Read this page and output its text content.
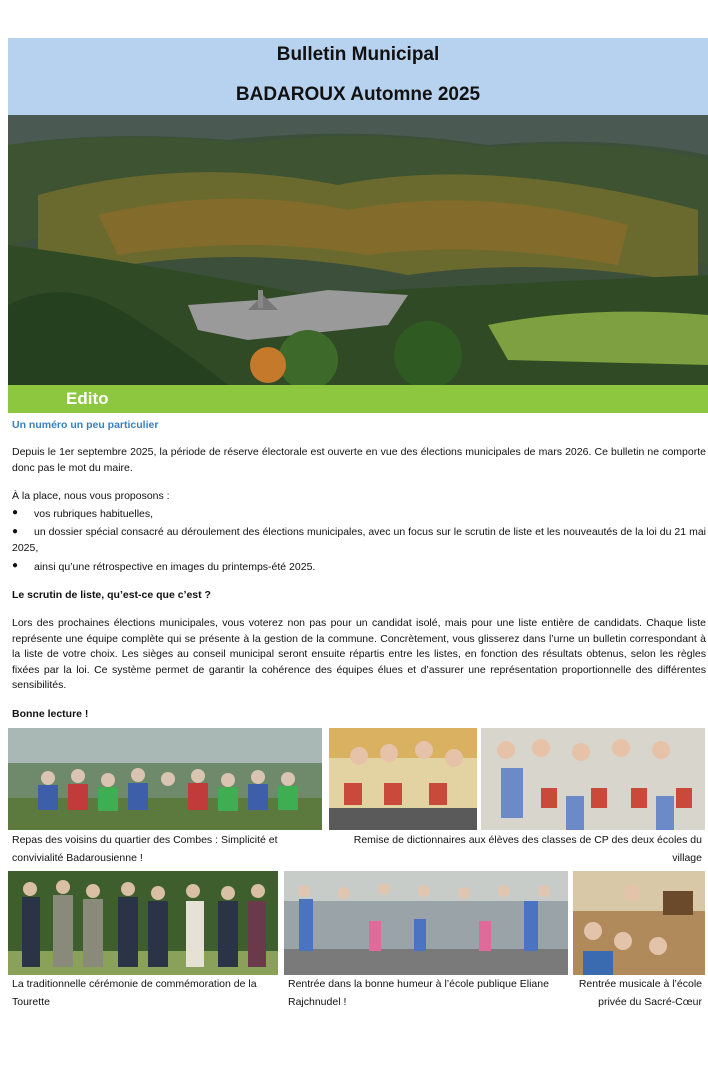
Bulletin Municipal
BADAROUX Automne 2025
Edito
Un numéro un peu particulier
Depuis le 1er septembre 2025, la période de réserve électorale est ouverte en vue des élections municipales de mars 2026. Ce bulletin ne comporte donc pas le mot du maire.
À la place, nous vous proposons :
● vos rubriques habituelles,
●	un dossier spécial consacré au déroulement des élections municipales, avec un focus sur le scrutin de liste et les nouveautés de la loi du 21 mai 2025,
● ainsi qu’une rétrospective en images du printemps-été 2025.
Le scrutin de liste, qu’est-ce que c’est ?
Lors des prochaines élections municipales, vous voterez non pas pour un candidat isolé, mais pour une liste entière de candidats. Chaque liste représente une équipe complète qui se présente à la gestion de la commune. Concrètement, vous glisserez dans l’urne un bulletin correspondant à la liste de votre choix. Les sièges au conseil municipal seront ensuite répartis entre les listes, en fonction des résultats obtenus, selon les règles fixées par la loi. Ce système permet de garantir la cohérence des équipes élues et d’assurer une représentation proportionnelle des différentes sensibilités.
Bonne lecture !
Repas des voisins du quartier des Combes : Simplicité et convivialité Badarousienne !
Remise de dictionnaires aux élèves des classes de CP des deux écoles du village
La traditionnelle cérémonie de commémoration de la Tourette
Rentrée dans la bonne humeur à l’école publique Eliane Rajchnudel !
Rentrée musicale à l’école privée du Sacré-Cœur
